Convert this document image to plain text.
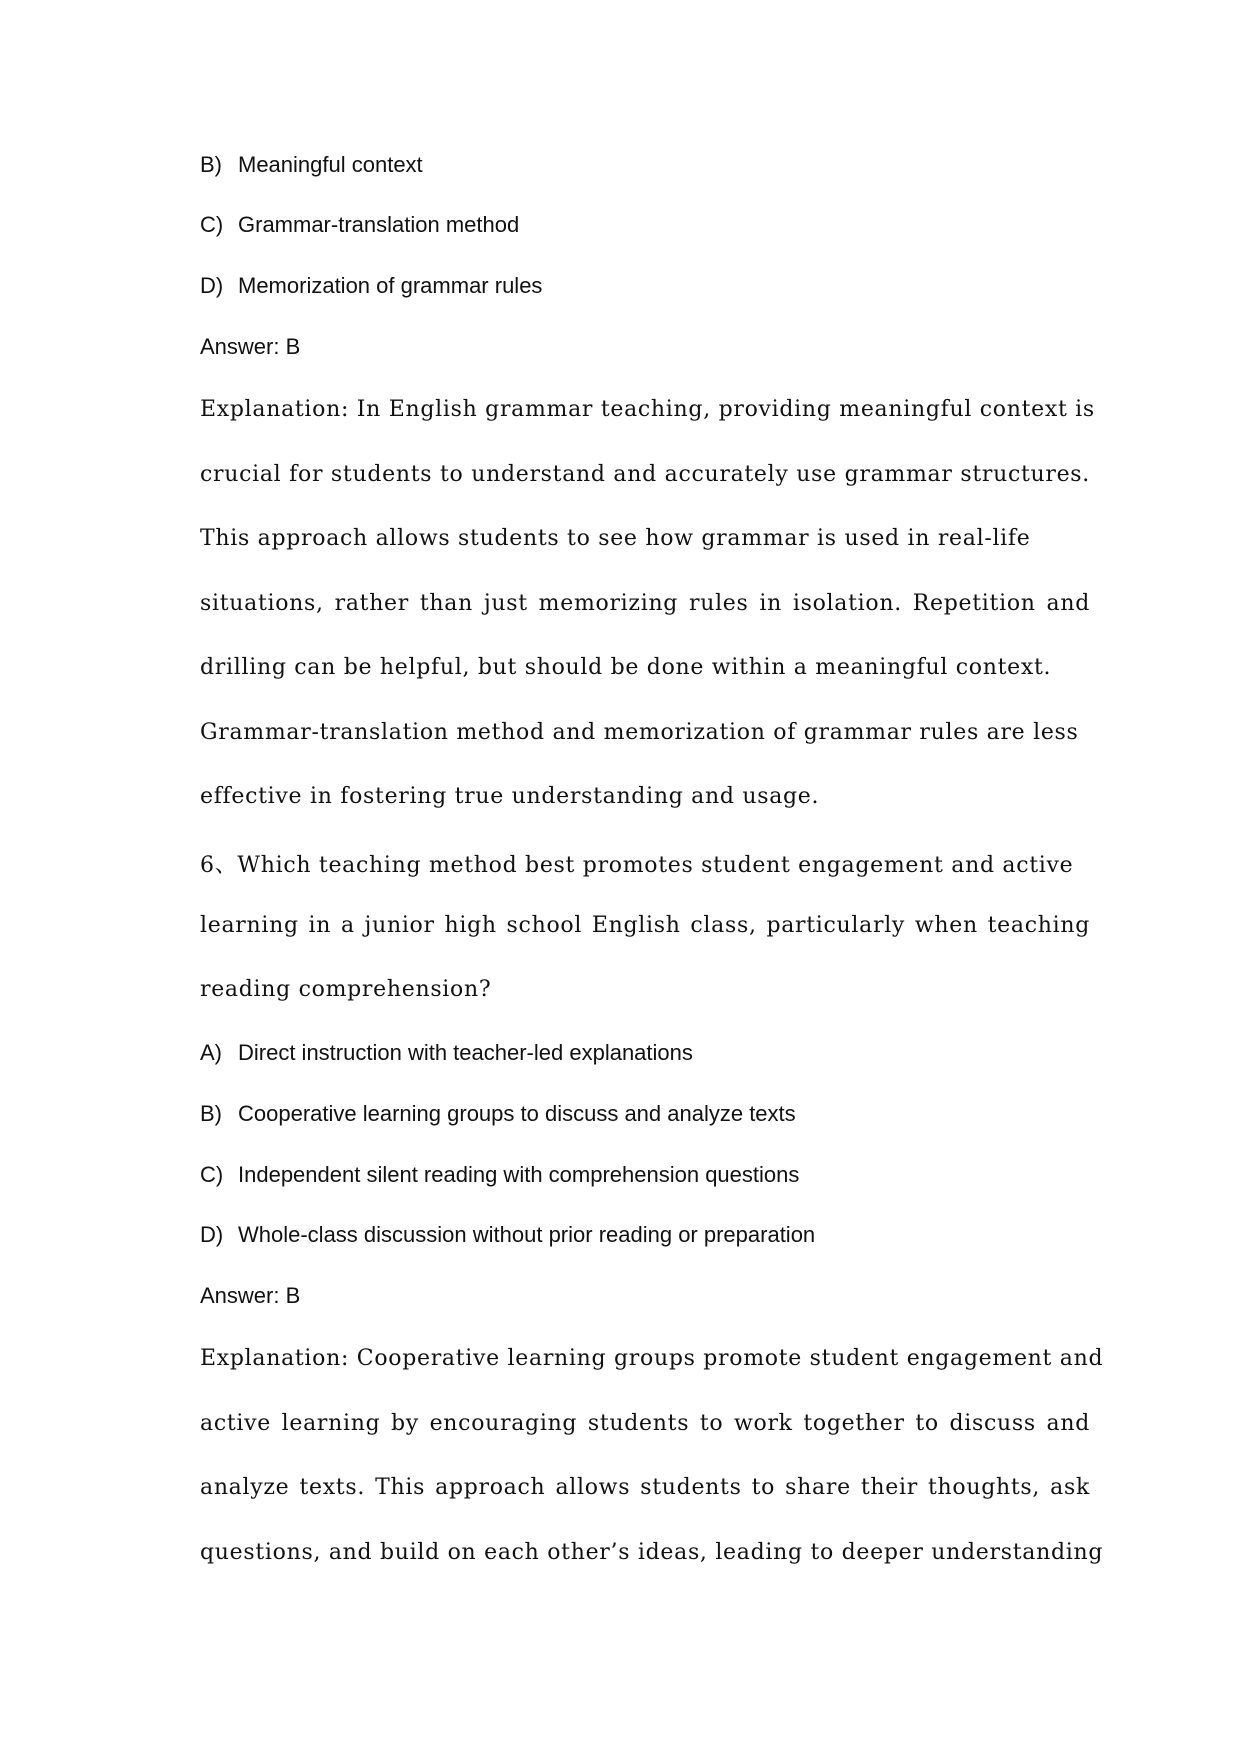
B) Meaningful context
C) Grammar-translation method
D) Memorization of grammar rules
Answer: B
Explanation: In English grammar teaching, providing meaningful context is
crucial for students to understand and accurately use grammar structures.
This approach allows students to see how grammar is used in real-life
situations, rather than just memorizing rules in isolation. Repetition and
drilling can be helpful, but should be done within a meaningful context.
Grammar-translation method and memorization of grammar rules are less
effective in fostering true understanding and usage.
6、Which teaching method best promotes student engagement and active
learning in a junior high school English class, particularly when teaching
reading comprehension?
A) Direct instruction with teacher-led explanations
B) Cooperative learning groups to discuss and analyze texts
C) Independent silent reading with comprehension questions
D) Whole-class discussion without prior reading or preparation
Answer: B
Explanation: Cooperative learning groups promote student engagement and
active learning by encouraging students to work together to discuss and
analyze texts. This approach allows students to share their thoughts, ask
questions, and build on each other’s ideas, leading to deeper understanding
